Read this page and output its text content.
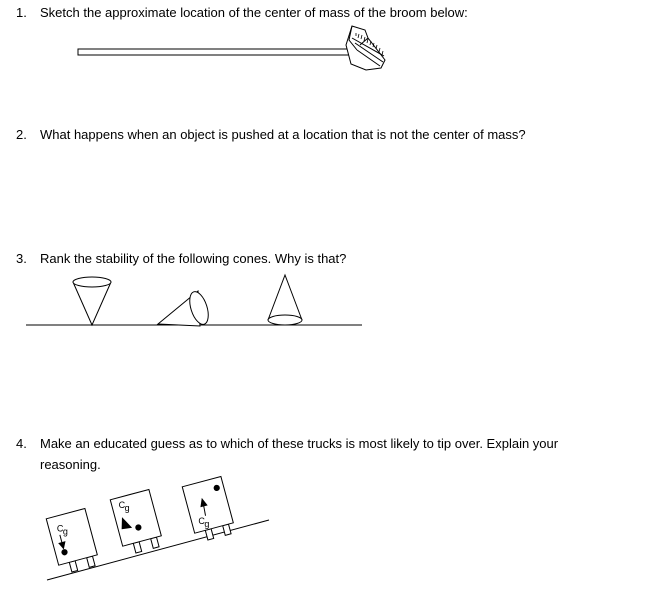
1. Sketch the approximate location of the center of mass of the broom below:
2. What happens when an object is pushed at a location that is not the center of mass?
3. Rank the stability of the following cones. Why is that?
4. Make an educated guess as to which of these trucks is most likely to tip over. Explain your reasoning.
C g
C g
C g
